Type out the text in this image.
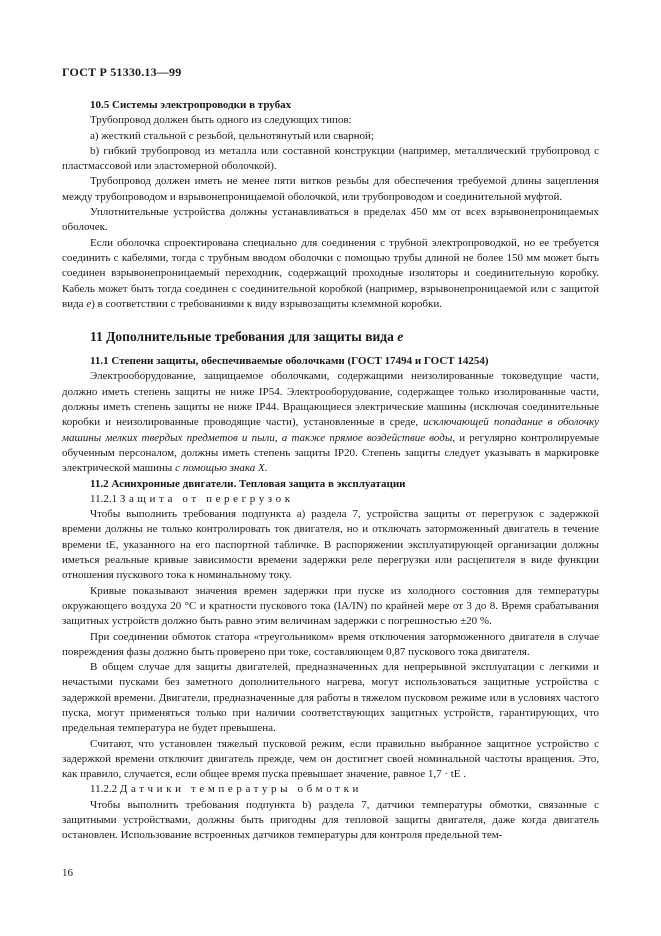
ГОСТ Р 51330.13—99
10.5 Системы электропроводки в трубах

Трубопровод должен быть одного из следующих типов:

а) жесткий стальной с резьбой, цельнотянутый или сварной;

b) гибкий трубопровод из металла или составной конструкции (например, металлический трубопровод с пластмассовой или эластомерной оболочкой).

Трубопровод должен иметь не менее пяти витков резьбы для обеспечения требуемой длины зацепления между трубопроводом и взрывонепроницаемой оболочкой, или трубопроводом и соединительной муфтой.

Уплотнительные устройства должны устанавливаться в пределах 450 мм от всех взрывонепроницаемых оболочек.

Если оболочка спроектирована специально для соединения с трубной электропроводкой, но ее требуется соединить с кабелями, тогда с трубным вводом оболочки с помощью трубы длиной не более 150 мм может быть соединен взрывонепроницаемый переходник, содержащий проходные изоляторы и соединительную коробку. Кабель может быть тогда соединен с соединительной коробкой (например, взрывонепроницаемой или с защитой вида е) в соответствии с требованиями к виду взрывозащиты клеммной коробки.

11 Дополнительные требования для защиты вида е
11.1 Степени защиты, обеспечиваемые оболочками (ГОСТ 17494 и ГОСТ 14254)

Электрооборудование, защищаемое оболочками, содержащими неизолированные токоведущие части, должно иметь степень защиты не ниже IP54. Электрооборудование, содержащее только изолированные части, должны иметь степень защиты не ниже IP44. Вращающиеся электрические машины (исключая соединительные коробки и неизолированные проводящие части), установленные в среде, исключающей попадание в оболочку машины мелких твердых предметов и пыли, а также прямое воздействие воды, и регулярно контролируемые обученным персоналом, должны иметь степень защиты IP20. Степень защиты следует указывать в маркировке электрической машины с помощью знака X.

11.2 Асинхронные двигатели. Тепловая защита в эксплуатации

11.2.1 Защита от перегрузок

Чтобы выполнить требования подпункта а) раздела 7, устройства защиты от перегрузок с задержкой времени должны не только контролировать ток двигателя, но и отключать заторможенный двигатель в течение времени tE, указанного на его паспортной табличке. В распоряжении эксплуатирующей организации должны иметься реальные кривые зависимости времени задержки реле перегрузки или расцепителя в виде функции отношения пускового тока к номинальному току.

Кривые показывают значения времен задержки при пуске из холодного состояния для температуры окружающего воздуха 20 °С и кратности пускового тока (IA/IN) по крайней мере от 3 до 8. Время срабатывания защитных устройств должно быть равно этим величинам задержки с погрешностью ±20 %.

При соединении обмоток статора «треугольником» время отключения заторможенного двигателя в случае повреждения фазы должно быть проверено при токе, составляющем 0,87 пускового тока двигателя.

В общем случае для защиты двигателей, предназначенных для непрерывной эксплуатации с легкими и нечастыми пусками без заметного дополнительного нагрева, могут использоваться защитные устройства с задержкой времени. Двигатели, предназначенные для работы в тяжелом пусковом режиме или в условиях частого пуска, могут применяться только при наличии соответствующих защитных устройств, гарантирующих, что предельная температура не будет превышена.

Считают, что установлен тяжелый пусковой режим, если правильно выбранное защитное устройство с задержкой времени отключит двигатель прежде, чем он достигнет своей номинальной частоты вращения. Это, как правило, случается, если общее время пуска превышает значение, равное 1,7 · tE .

11.2.2 Датчики температуры обмотки

Чтобы выполнить требования подпункта b) раздела 7, датчики температуры обмотки, связанные с защитными устройствами, должны быть пригодны для тепловой защиты двигателя, даже когда двигатель остановлен. Использование встроенных датчиков температуры для контроля предельной тем-

16
